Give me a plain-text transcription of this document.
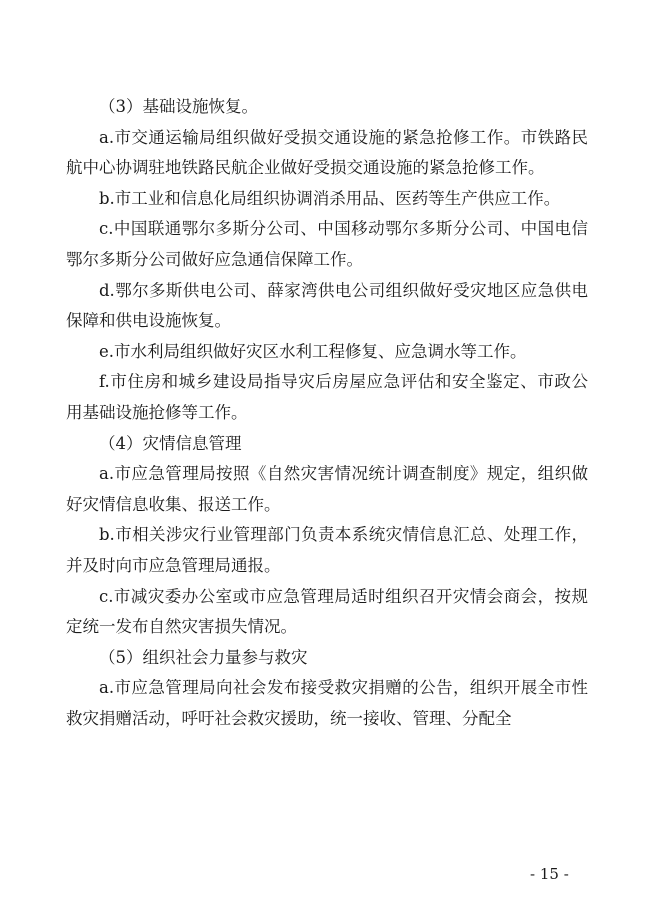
（3）基础设施恢复。

a.市交通运输局组织做好受损交通设施的紧急抢修工作。市铁路民航中心协调驻地铁路民航企业做好受损交通设施的紧急抢修工作。

b.市工业和信息化局组织协调消杀用品、医药等生产供应工作。

c.中国联通鄂尔多斯分公司、中国移动鄂尔多斯分公司、中国电信鄂尔多斯分公司做好应急通信保障工作。

d.鄂尔多斯供电公司、薛家湾供电公司组织做好受灾地区应急供电保障和供电设施恢复。

e.市水利局组织做好灾区水利工程修复、应急调水等工作。

f.市住房和城乡建设局指导灾后房屋应急评估和安全鉴定、市政公用基础设施抢修等工作。

（4）灾情信息管理

a.市应急管理局按照《自然灾害情况统计调查制度》规定，组织做好灾情信息收集、报送工作。

b.市相关涉灾行业管理部门负责本系统灾情信息汇总、处理工作，并及时向市应急管理局通报。

c.市减灾委办公室或市应急管理局适时组织召开灾情会商会，按规定统一发布自然灾害损失情况。

（5）组织社会力量参与救灾

a.市应急管理局向社会发布接受救灾捐赠的公告，组织开展全市性救灾捐赠活动，呼吁社会救灾援助，统一接收、管理、分配全

- 15 -
